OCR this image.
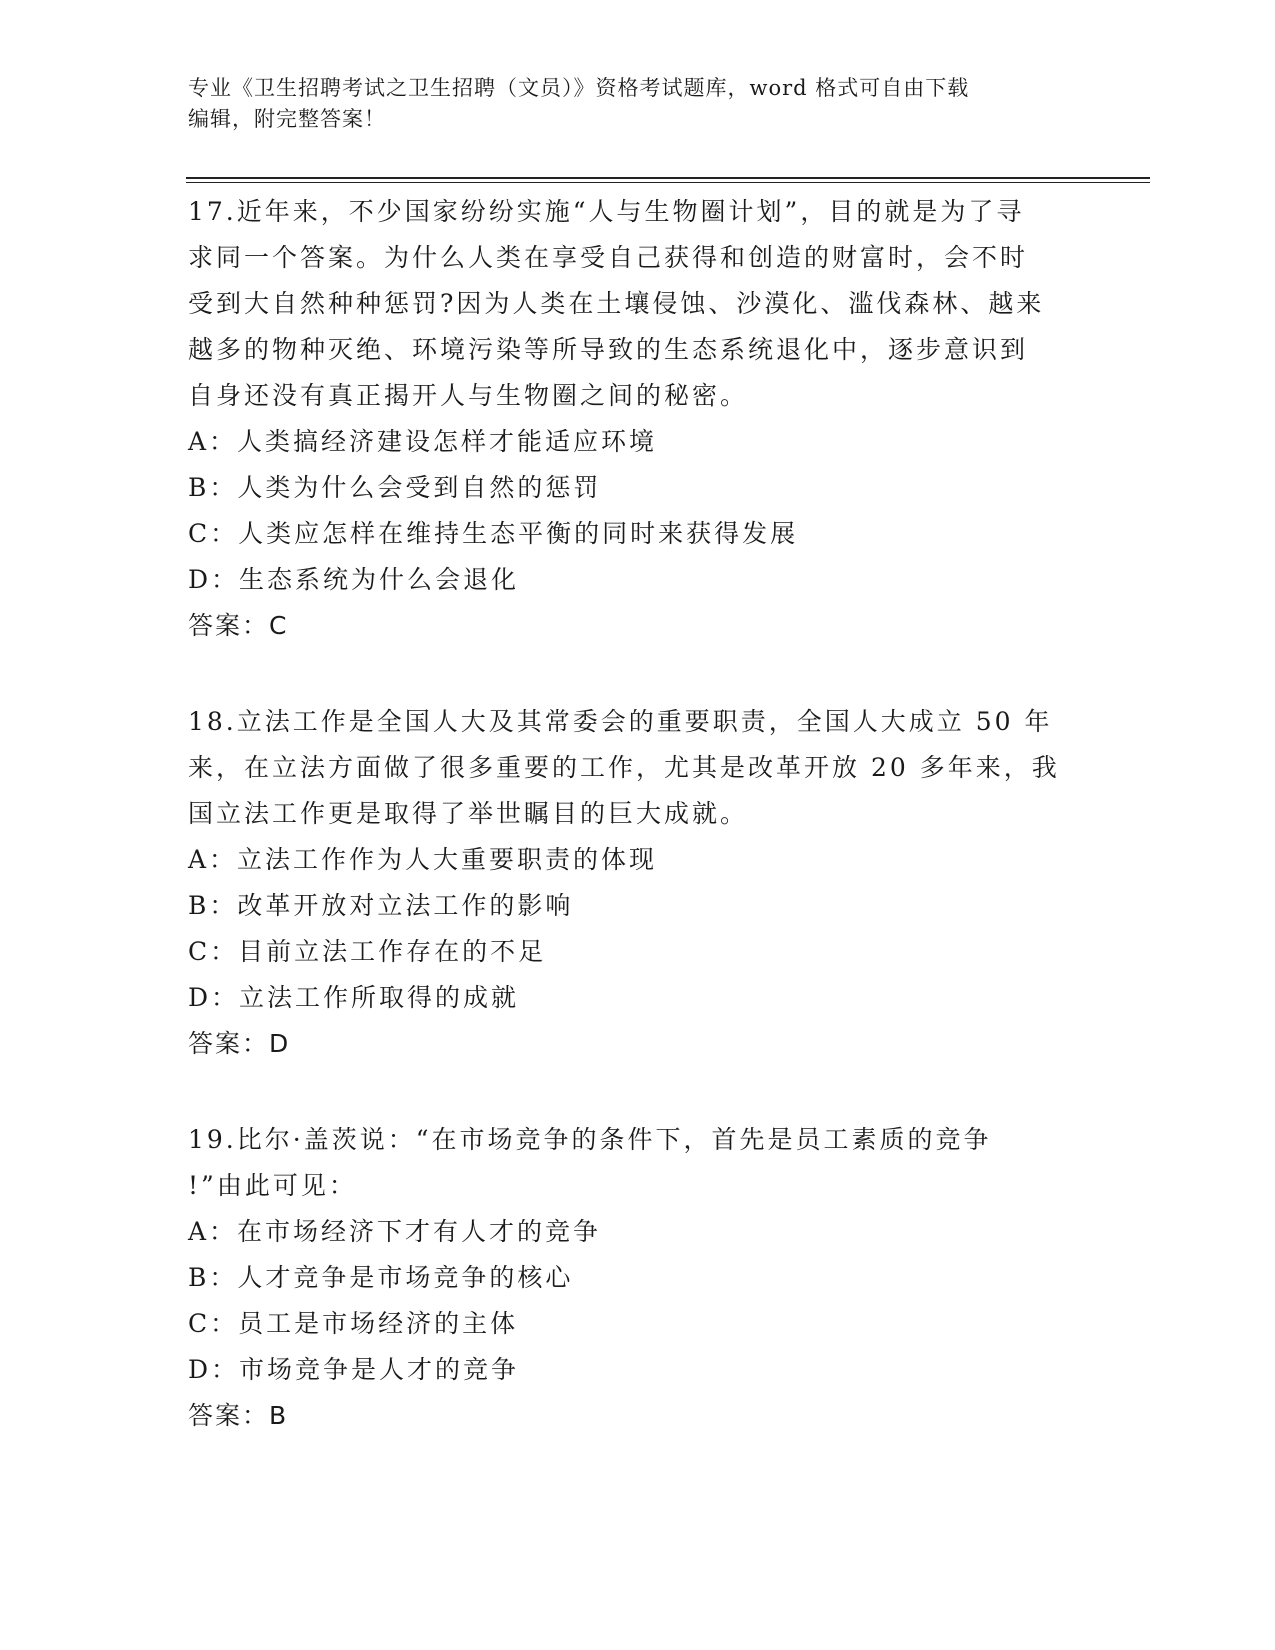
专业《卫生招聘考试之卫生招聘（文员）》资格考试题库，word 格式可自由下载
编辑，附完整答案！
17.近年来，不少国家纷纷实施“人与生物圈计划”，目的就是为了寻
求同一个答案。为什么人类在享受自己获得和创造的财富时，会不时
受到大自然种种惩罚?因为人类在土壤侵蚀、沙漠化、滥伐森林、越来
越多的物种灭绝、环境污染等所导致的生态系统退化中，逐步意识到
自身还没有真正揭开人与生物圈之间的秘密。
A：人类搞经济建设怎样才能适应环境
B：人类为什么会受到自然的惩罚
C：人类应怎样在维持生态平衡的同时来获得发展
D：生态系统为什么会退化
答案：C
18.立法工作是全国人大及其常委会的重要职责，全国人大成立 50 年
来，在立法方面做了很多重要的工作，尤其是改革开放 20 多年来，我
国立法工作更是取得了举世瞩目的巨大成就。
A：立法工作作为人大重要职责的体现
B：改革开放对立法工作的影响
C：目前立法工作存在的不足
D：立法工作所取得的成就
答案：D
19.比尔·盖茨说：“在市场竞争的条件下，首先是员工素质的竞争
!”由此可见：
A：在市场经济下才有人才的竞争
B：人才竞争是市场竞争的核心
C：员工是市场经济的主体
D：市场竞争是人才的竞争
答案：B
